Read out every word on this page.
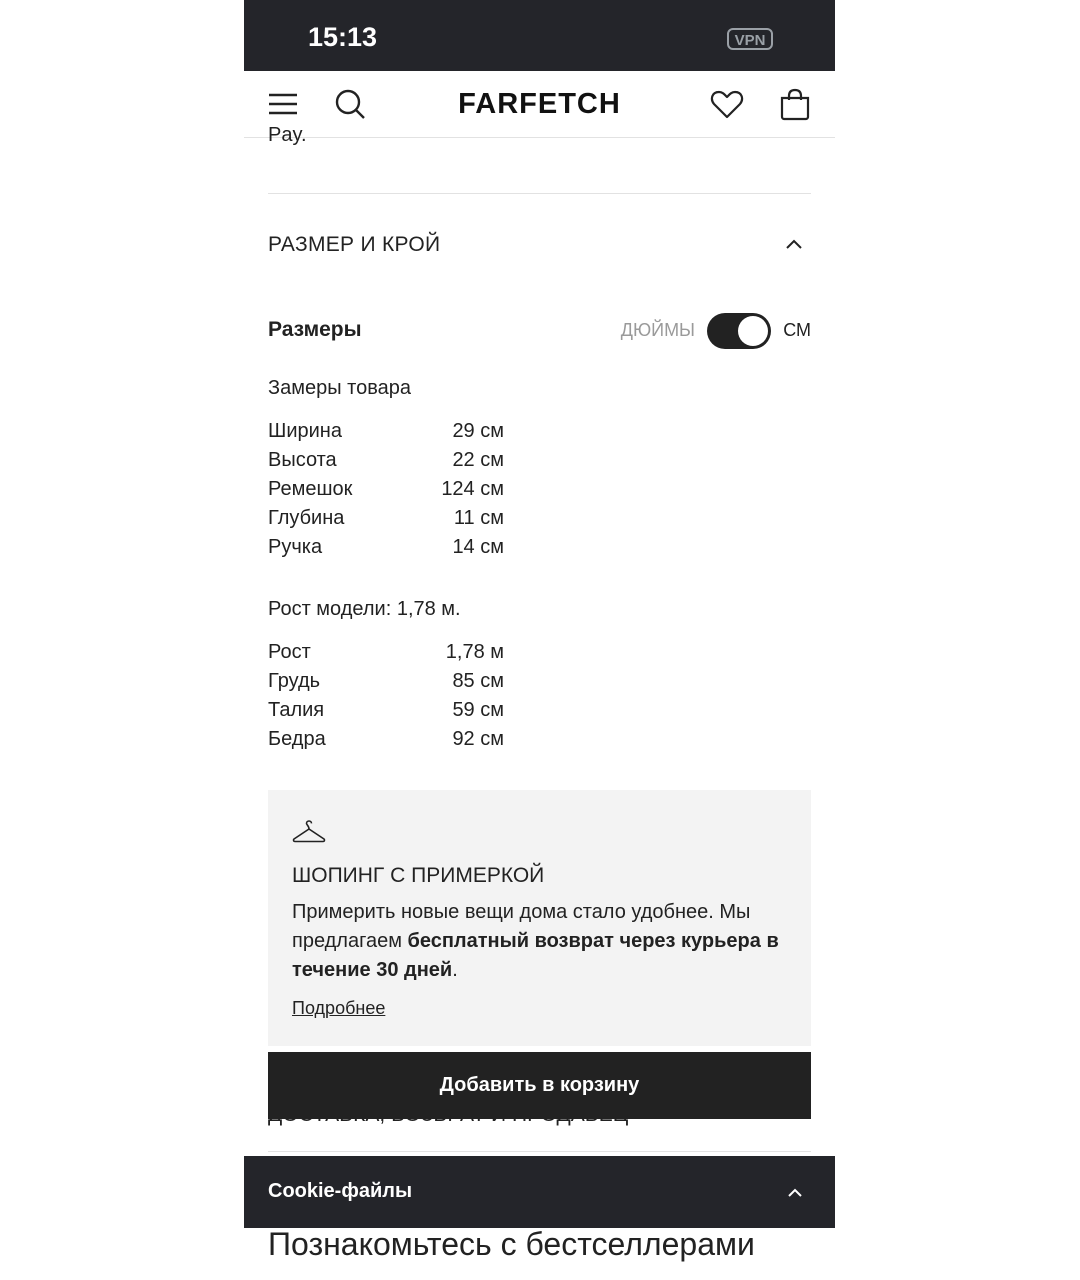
15:13	VPN
FARFETCH
Pay.
РАЗМЕР И КРОЙ
Размеры	ДЮЙМЫ	СМ
Замеры товара
Ширина	29 см
Высота	22 см
Ремешок	124 см
Глубина	11 см
Ручка	14 см
Рост модели: 1,78 м.
Рост	1,78 м
Грудь	85 см
Талия	59 см
Бедра	92 см
ШОПИНГ С ПРИМЕРКОЙ
Примерить новые вещи дома стало удобнее. Мы предлагаем бесплатный возврат через курьера в течение 30 дней.
Подробнее
Добавить в корзину
Cookie-файлы
Познакомьтесь с бестселлерами
